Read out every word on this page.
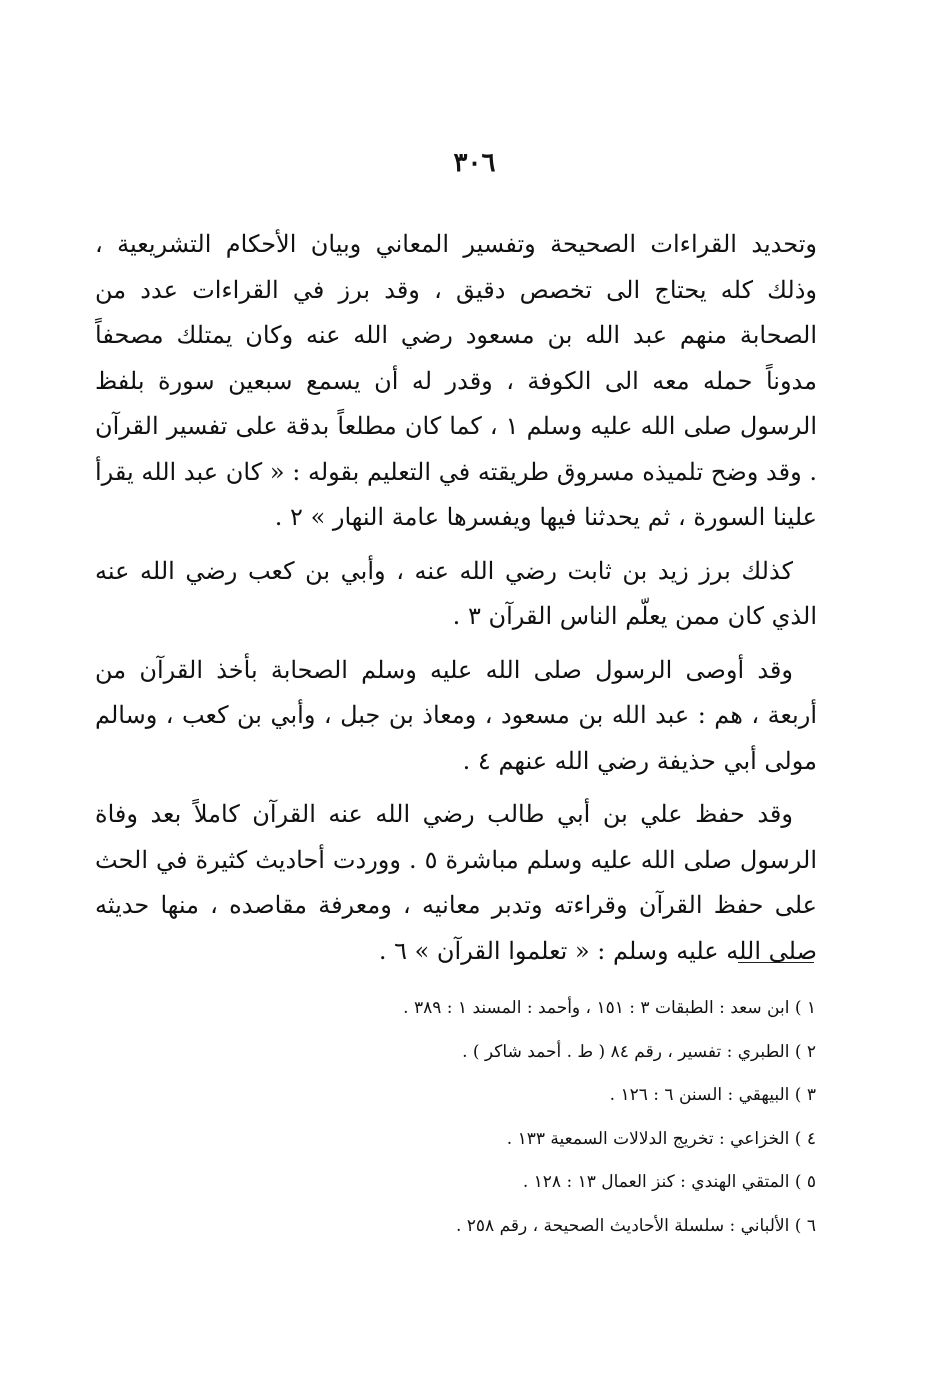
٣٠٦

وتحديد القراءات الصحيحة وتفسير المعاني وبيان الأحكام التشريعية ، وذلك كله يحتاج الى تخصص دقيق ، وقد برز في القراءات عدد من الصحابة منهم عبد الله بن مسعود رضي الله عنه وكان يمتلك مصحفاً مدوناً حمله معه الى الكوفة ، وقدر له أن يسمع سبعين سورة بلفظ الرسول صلى الله عليه وسلم ١ ، كما كان مطلعاً بدقة على تفسير القرآن . وقد وضح تلميذه مسروق طريقته في التعليم بقوله : « كان عبد الله يقرأ علينا السورة ، ثم يحدثنا فيها ويفسرها عامة النهار » ٢ .

كذلك برز زيد بن ثابت رضي الله عنه ، وأبي بن كعب رضي الله عنه الذي كان ممن يعلّم الناس القرآن ٣ .

وقد أوصى الرسول صلى الله عليه وسلم الصحابة بأخذ القرآن من أربعة ، هم : عبد الله بن مسعود ، ومعاذ بن جبل ، وأبي بن كعب ، وسالم مولى أبي حذيفة رضي الله عنهم ٤ .

وقد حفظ علي بن أبي طالب رضي الله عنه القرآن كاملاً بعد وفاة الرسول صلى الله عليه وسلم مباشرة ٥ . ووردت أحاديث كثيرة في الحث على حفظ القرآن وقراءته وتدبر معانيه ، ومعرفة مقاصده ، منها حديثه صلى الله عليه وسلم : « تعلموا القرآن » ٦ .

١ ) ابن سعد : الطبقات ٣ : ١٥١ ، وأحمد : المسند ١ : ٣٨٩ .
٢ ) الطبري : تفسير ، رقم ٨٤ ( ط . أحمد شاكر ) .
٣ ) البيهقي : السنن ٦ : ١٢٦ .
٤ ) الخزاعي : تخريج الدلالات السمعية ١٣٣ .
٥ ) المتقي الهندي : كنز العمال ١٣ : ١٢٨ .
٦ ) الألباني : سلسلة الأحاديث الصحيحة ، رقم ٢٥٨ .
